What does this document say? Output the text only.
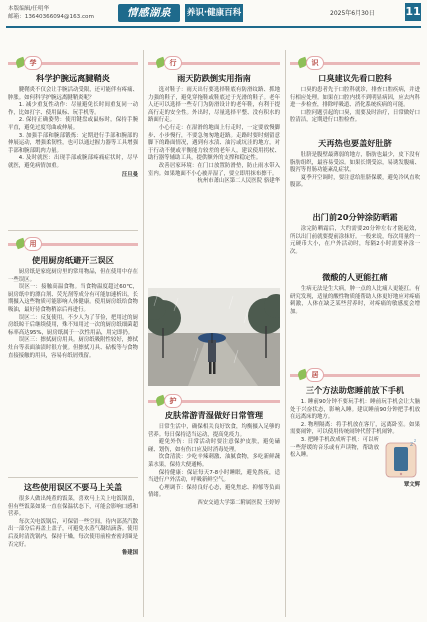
本版编辑/任明华
邮箱：13640366094@163.com	情感湖泉	养识·健康百科	2025年6月30日	11
学
科学护腕远离腱鞘炎
腱鞘炎不仅会让手腕活动受限，还可能伴有疼痛、肿胀。如何科学护腕远离腱鞘炎呢？
1. 减少重复性动作：尽量避免长时间重复同一动作，比如打字、使用鼠标、玩手机等。
2. 保持正确姿势：使用键盘或鼠标时，保持手腕平直，避免过度弯曲或伸展。
3. 加强手部和腕部锻炼：定期进行手部和腕部的伸展运动，增强柔韧性，也可以通过握力器等工具增强手部和腕部肌肉力量。
4. 及时就医：出现手部或腕部疼痛症状时，尽早就医，避免病情加重。
汪旦曼
用
使用厨房纸避开三误区
厨房纸是家庭厨房里的常用物品，但在使用中存在一些误区。
误区一：接触高温食物。当食物温度超过60℃，厨房纸中的漂白剂、荧光剂等成分有可能加速析出，长期摄入这些物质可能影响人体健康。使用厨房纸给食物吸油，最好待食物稍凉后再进行。
误区二：反复使用。不少人为了节俭，把用过的厨房纸晾干后继续使用，殊不知用过一次的厨房纸细菌超标率高达95%，厨房纸属于一次性用品，用完即扔。
误区三：擦拭厨房用具。厨房纸吸附性较好，擦拭灶台等表面油渍时很方便。但擦拭刀具、砧板等与食物直接接触的用具，容易有纸屑残留。
这些使用误区不要马上关盖
很多人做出炖煮的饭菜，喜欢马上关上电饭锅盖，但有些饭菜如果一直在保温状态下，可能会影响口感和营养。
每次关电饭锅后，可保留一些空间，待内部蒸汽散出一部分后再盖上盖子，可避免水蒸气凝结滴落。使用后及时清洗锅内，保持干燥，每次使用前检查密封圈是否完好。
鲁建国
行
雨天防跌倒实用指南
选对鞋子：雨天出行要选择鞋底有防滑纹路、抓地力强的鞋子，避免穿拖鞋或鞋底过于光滑的鞋子。老年人还可以选择一些专门为防滑设计的老年鞋，有利于提高行走的安全性。外出时，尽量选择平整、没有积水的路面行走。
小心行走：在湿滑的地面上行走时，一定要放慢脚步、小步慢行，不要急匆匆地赶路。走路时要时刻留意脚下的路面情况，遇到有水渍、油污或坑洼的地方，对于行动不便或平衡能力较差的老年人，建议使用拐杖、助行器等辅助工具，提供额外的支撑和稳定性。
改善居家环境：在门口放置防滑垫，防止雨水带入室内。如果地面不小心被弄湿了，要立即用抹布擦干。
杭州市萧山区第二人民医院 骆建华
护
皮肤常游青湿做好日常管理
日常生活中，确保相关良好饮食，均衡摄入足够的营养。每日保持适当运动，提高免疫力。
避免外伤：日常活动时要注意保护皮肤，避免磕碰、划伤，如有伤口应及时消毒处理。
饮食清淡：少吃辛辣刺激、油腻食物，多吃新鲜蔬菜水果，保持大便通畅。
保持健康：保证每天7-8小时睡眠，避免熬夜，适当进行户外活动，呼吸新鲜空气。
心理调节：保持良好心态，避免焦虑、抑郁等负面情绪。
西安交通大学第二附属医院 王婷婷
识
口臭建议先看口腔科
口臭的患者先于口腔科就诊，排查口腔疾病，并进行相应处理。如果在口腔内找不到明显病因，应去内科进一步检查，排除呼吸道、消化系统疾病的可能。
口腔问题引起的口臭，需要及时治疗，日常做好口腔清洁，定期进行口腔检查。
天再热也要盖好肚脐
肚脐是腹壁最薄弱的地方，脂肪也最少，皮下没有脂肪组织，最容易受凉。如果长期受凉，易诱发腹痛、腹泻等胃肠功能紊乱症状。
夏季开空调时，要注意给肚脐保暖，避免冷风直吹腹部。
出门前20分钟涂防晒霜
涂完防晒霜后，大约需要20分钟左右才能起效，所以出门前就要提前涂抹好。一般来说，每次用量约一元硬币大小，在户外活动时，每隔2小时需要补涂一次。
微酸的人更能扛痛
生病无法是生大病，肿一点的人比痛人更能扛。有研究发现，适量的酸性物质能帮助人体更好地应对疼痛刺激，人体在缺乏某些营养时，对疼痛的敏感度会增加。
居
三个方法助您睡前放下手机
1. 睡前90分钟不要玩手机：睡前玩手机会让大脑处于兴奋状态，影响入睡。建议睡前90分钟把手机放在远离床的地方。
2. 物理隔离：将手机放在客厅，远离卧室。如果需要闹钟，可以使用传统闹钟代替手机闹钟。
3. 把睡手机改成听手机：可以听一些舒缓的音乐或有声读物，帮助放松入睡。
z
z
覃文辉
